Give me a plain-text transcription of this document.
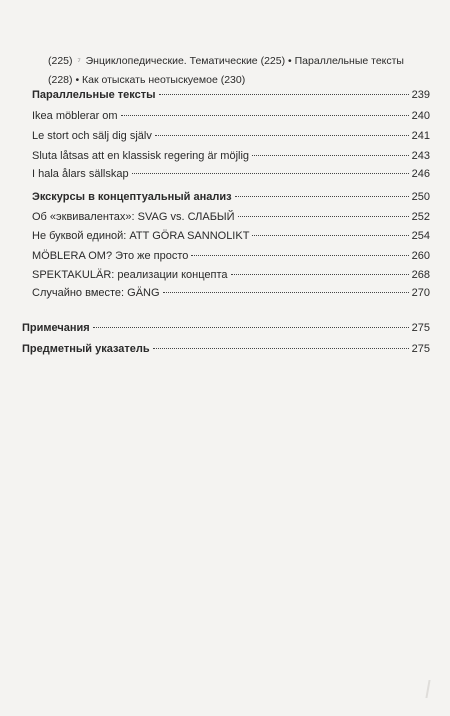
(225) ⁷ Энциклопедические. Тематические (225) • Параллельные тексты
(228) • Как отыскать неотыскуемое (230)
Параллельные тексты	239
Ikea möblerar om	240
Le stort och sälj dig själv	241
Sluta låtsas att en klassisk regering är möjlig	243
I hala ålars sällskap	246
Экскурсы в концептуальный анализ	250
Об «эквивалентах»: SVAG vs. СЛАБЫЙ	252
Не буквой единой: ATT GÖRA SANNOLIKT	254
MÖBLERA OM? Это же просто	260
SPEKTAKULÄR: реализации концепта	268
Случайно вместе: GÄNG	270
Примечания	275
Предметный указатель	275
